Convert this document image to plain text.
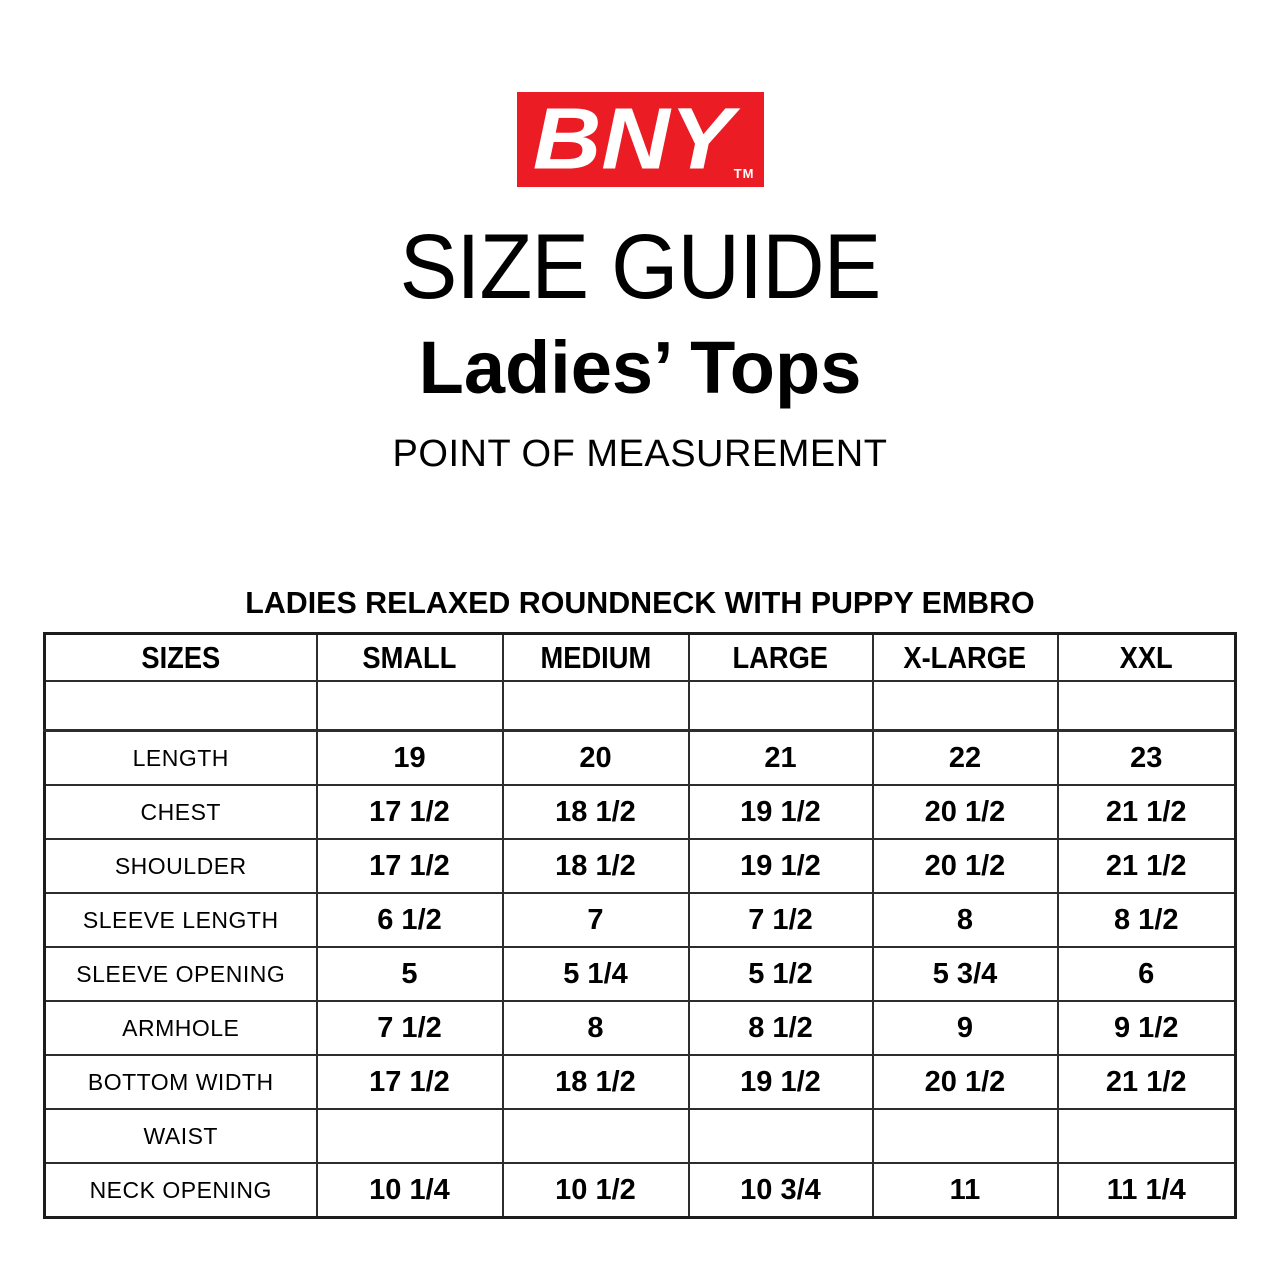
BNY TM
SIZE GUIDE
Ladies’ Tops
POINT OF MEASUREMENT
LADIES RELAXED ROUNDNECK WITH PUPPY EMBRO
SIZES	SMALL	MEDIUM	LARGE	X-LARGE	XXL

LENGTH	19	20	21	22	23
CHEST	17 1/2	18 1/2	19 1/2	20 1/2	21 1/2
SHOULDER	17 1/2	18 1/2	19 1/2	20 1/2	21 1/2
SLEEVE LENGTH	6 1/2	7	7 1/2	8	8 1/2
SLEEVE OPENING	5	5 1/4	5 1/2	5 3/4	6
ARMHOLE	7 1/2	8	8 1/2	9	9 1/2
BOTTOM WIDTH	17 1/2	18 1/2	19 1/2	20 1/2	21 1/2
WAIST					
NECK OPENING	10 1/4	10 1/2	10 3/4	11	11 1/4
